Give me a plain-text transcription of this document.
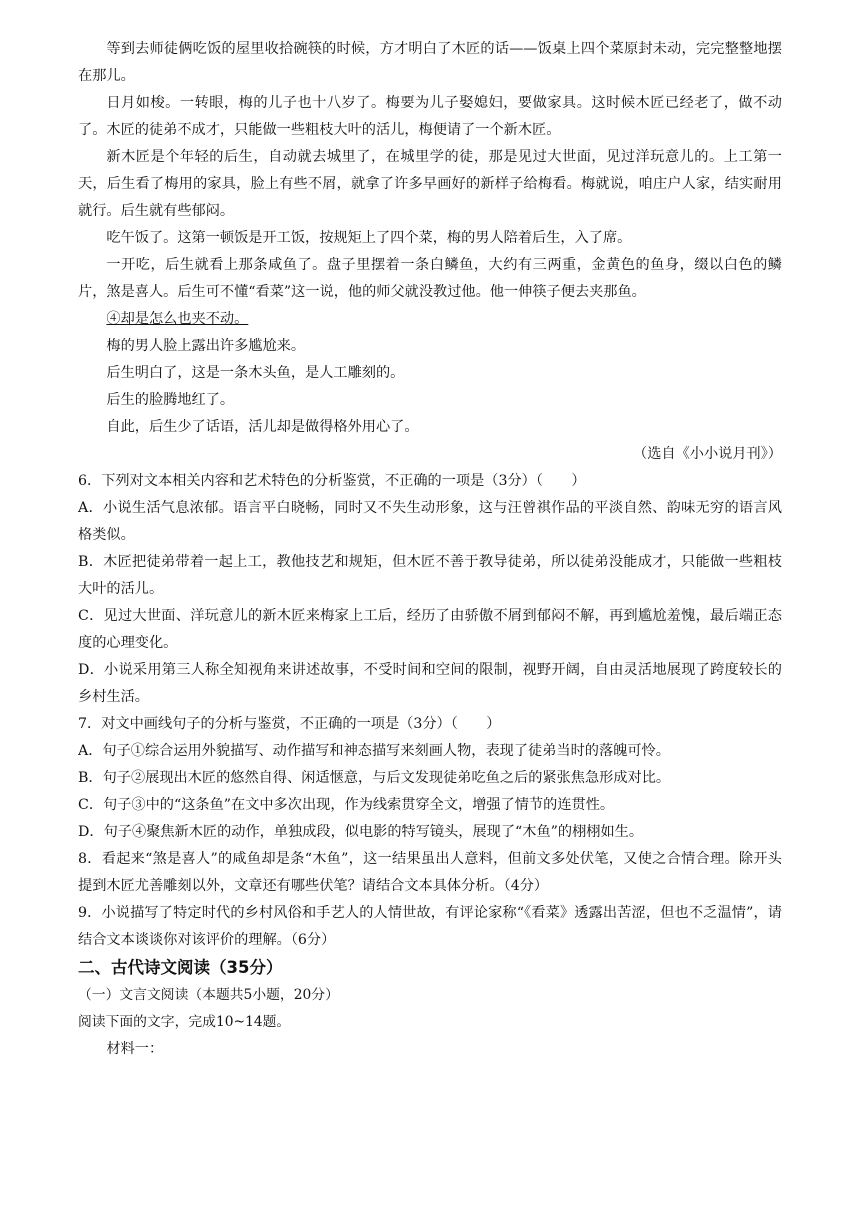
等到去师徒俩吃饭的屋里收拾碗筷的时候，方才明白了木匠的话——饭桌上四个菜原封未动，完完整整地摆在那儿。

日月如梭。一转眼，梅的儿子也十八岁了。梅要为儿子娶媳妇，要做家具。这时候木匠已经老了，做不动了。木匠的徒弟不成才，只能做一些粗枝大叶的活儿，梅便请了一个新木匠。

新木匠是个年轻的后生，自动就去城里了，在城里学的徒，那是见过大世面，见过洋玩意儿的。上工第一天，后生看了梅用的家具，脸上有些不屑，就拿了许多早画好的新样子给梅看。梅就说，咱庄户人家，结实耐用就行。后生就有些郁闷。

吃午饭了。这第一顿饭是开工饭，按规矩上了四个菜，梅的男人陪着后生，入了席。

一开吃，后生就看上那条咸鱼了。盘子里摆着一条白鳞鱼，大约有三两重，金黄色的鱼身，缀以白色的鳞片，煞是喜人。后生可不懂“看菜”这一说，他的师父就没教过他。他一伸筷子便去夹那鱼。

④却是怎么也夹不动。

梅的男人脸上露出许多尴尬来。

后生明白了，这是一条木头鱼，是人工雕刻的。

后生的脸腾地红了。

自此，后生少了话语，活儿却是做得格外用心了。

（选自《小小说月刊》）

6．下列对文本相关内容和艺术特色的分析鉴赏，不正确的一项是（3分）（　　）

A．小说生活气息浓郁。语言平白晓畅，同时又不失生动形象，这与汪曾祺作品的平淡自然、韵味无穷的语言风格类似。

B．木匠把徒弟带着一起上工，教他技艺和规矩，但木匠不善于教导徒弟，所以徒弟没能成才，只能做一些粗枝大叶的活儿。

C．见过大世面、洋玩意儿的新木匠来梅家上工后，经历了由骄傲不屑到郁闷不解，再到尴尬羞愧，最后端正态度的心理变化。

D．小说采用第三人称全知视角来讲述故事，不受时间和空间的限制，视野开阔，自由灵活地展现了跨度较长的乡村生活。

7．对文中画线句子的分析与鉴赏，不正确的一项是（3分）（　　）

A．句子①综合运用外貌描写、动作描写和神态描写来刻画人物，表现了徒弟当时的落魄可怜。

B．句子②展现出木匠的悠然自得、闲适惬意，与后文发现徒弟吃鱼之后的紧张焦急形成对比。

C．句子③中的“这条鱼”在文中多次出现，作为线索贯穿全文，增强了情节的连贯性。

D．句子④聚焦新木匠的动作，单独成段，似电影的特写镜头，展现了“木鱼”的栩栩如生。

8．看起来“煞是喜人”的咸鱼却是条“木鱼”，这一结果虽出人意料，但前文多处伏笔，又使之合情合理。除开头提到木匠尤善雕刻以外，文章还有哪些伏笔？请结合文本具体分析。（4分）

9．小说描写了特定时代的乡村风俗和手艺人的人情世故，有评论家称“《看菜》透露出苦涩，但也不乏温情”，请结合文本谈谈你对该评价的理解。（6分）

二、古代诗文阅读（35分）

（一）文言文阅读（本题共5小题，20分）

阅读下面的文字，完成10~14题。

材料一：
